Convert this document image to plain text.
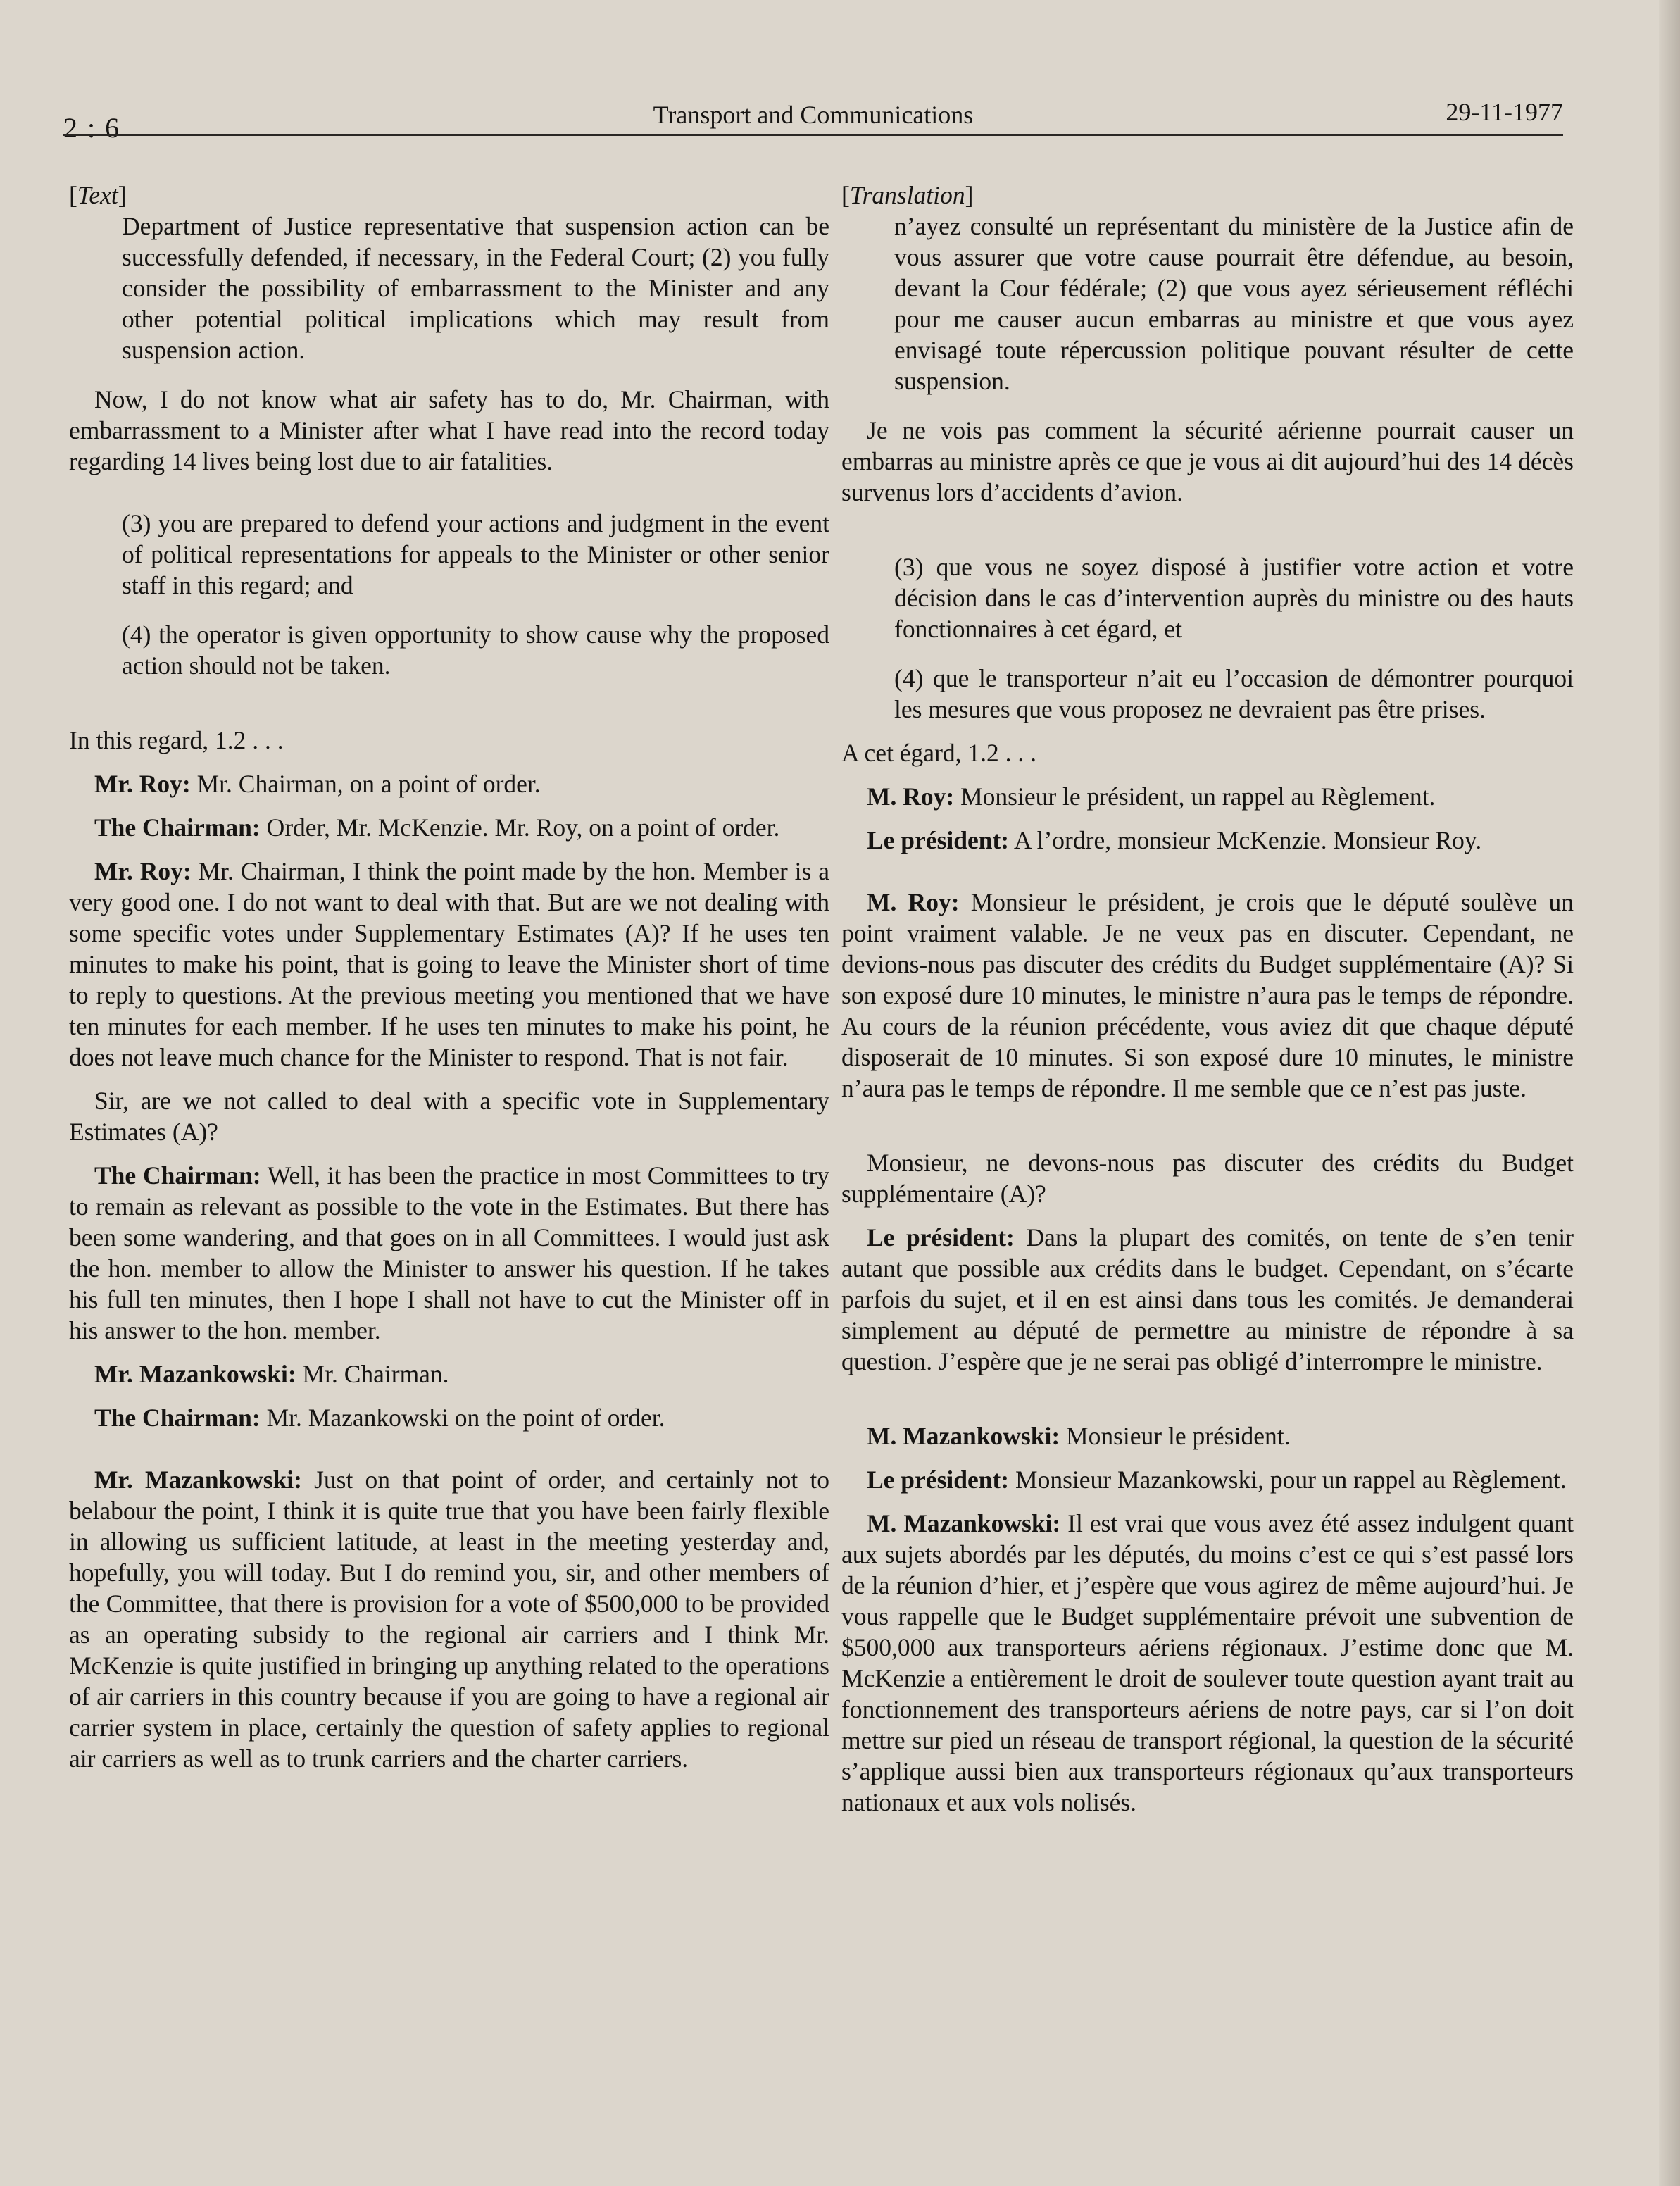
2 : 6	Transport and Communications	29-11-1977

[Text]

Department of Justice representative that suspension action can be successfully defended, if necessary, in the Federal Court; (2) you fully consider the possibility of embarrassment to the Minister and any other potential political implications which may result from suspension action.

Now, I do not know what air safety has to do, Mr. Chairman, with embarrassment to a Minister after what I have read into the record today regarding 14 lives being lost due to air fatalities.

(3) you are prepared to defend your actions and judgment in the event of political representations for appeals to the Minister or other senior staff in this regard; and

(4) the operator is given opportunity to show cause why the proposed action should not be taken.

In this regard, 1.2 . . .

Mr. Roy: Mr. Chairman, on a point of order.

The Chairman: Order, Mr. McKenzie. Mr. Roy, on a point of order.

Mr. Roy: Mr. Chairman, I think the point made by the hon. Member is a very good one. I do not want to deal with that. But are we not dealing with some specific votes under Supplementary Estimates (A)? If he uses ten minutes to make his point, that is going to leave the Minister short of time to reply to questions. At the previous meeting you mentioned that we have ten minutes for each member. If he uses ten minutes to make his point, he does not leave much chance for the Minister to respond. That is not fair.

Sir, are we not called to deal with a specific vote in Supplementary Estimates (A)?

The Chairman: Well, it has been the practice in most Committees to try to remain as relevant as possible to the vote in the Estimates. But there has been some wandering, and that goes on in all Committees. I would just ask the hon. member to allow the Minister to answer his question. If he takes his full ten minutes, then I hope I shall not have to cut the Minister off in his answer to the hon. member.

Mr. Mazankowski: Mr. Chairman.

The Chairman: Mr. Mazankowski on the point of order.

Mr. Mazankowski: Just on that point of order, and certainly not to belabour the point, I think it is quite true that you have been fairly flexible in allowing us sufficient latitude, at least in the meeting yesterday and, hopefully, you will today. But I do remind you, sir, and other members of the Committee, that there is provision for a vote of $500,000 to be provided as an operating subsidy to the regional air carriers and I think Mr. McKenzie is quite justified in bringing up anything related to the operations of air carriers in this country because if you are going to have a regional air carrier system in place, certainly the question of safety applies to regional air carriers as well as to trunk carriers and the charter carriers.

[Translation]

n’ayez consulté un représentant du ministère de la Justice afin de vous assurer que votre cause pourrait être défendue, au besoin, devant la Cour fédérale; (2) que vous ayez sérieusement réfléchi pour me causer aucun embarras au ministre et que vous ayez envisagé toute répercussion politique pouvant résulter de cette suspension.

Je ne vois pas comment la sécurité aérienne pourrait causer un embarras au ministre après ce que je vous ai dit aujourd’hui des 14 décès survenus lors d’accidents d’avion.

(3) que vous ne soyez disposé à justifier votre action et votre décision dans le cas d’intervention auprès du ministre ou des hauts fonctionnaires à cet égard, et

(4) que le transporteur n’ait eu l’occasion de démontrer pourquoi les mesures que vous proposez ne devraient pas être prises.

A cet égard, 1.2 . . .

M. Roy: Monsieur le président, un rappel au Règlement.

Le président: A l’ordre, monsieur McKenzie. Monsieur Roy.

M. Roy: Monsieur le président, je crois que le député soulève un point vraiment valable. Je ne veux pas en discuter. Cependant, ne devions-nous pas discuter des crédits du Budget supplémentaire (A)? Si son exposé dure 10 minutes, le ministre n’aura pas le temps de répondre. Au cours de la réunion précédente, vous aviez dit que chaque député disposerait de 10 minutes. Si son exposé dure 10 minutes, le ministre n’aura pas le temps de répondre. Il me semble que ce n’est pas juste.

Monsieur, ne devons-nous pas discuter des crédits du Budget supplémentaire (A)?

Le président: Dans la plupart des comités, on tente de s’en tenir autant que possible aux crédits dans le budget. Cependant, on s’écarte parfois du sujet, et il en est ainsi dans tous les comités. Je demanderai simplement au député de permettre au ministre de répondre à sa question. J’espère que je ne serai pas obligé d’interrompre le ministre.

M. Mazankowski: Monsieur le président.

Le président: Monsieur Mazankowski, pour un rappel au Règlement.

M. Mazankowski: Il est vrai que vous avez été assez indulgent quant aux sujets abordés par les députés, du moins c’est ce qui s’est passé lors de la réunion d’hier, et j’espère que vous agirez de même aujourd’hui. Je vous rappelle que le Budget supplémentaire prévoit une subvention de $500,000 aux transporteurs aériens régionaux. J’estime donc que M. McKenzie a entièrement le droit de soulever toute question ayant trait au fonctionnement des transporteurs aériens de notre pays, car si l’on doit mettre sur pied un réseau de transport régional, la question de la sécurité s’applique aussi bien aux transporteurs régionaux qu’aux transporteurs nationaux et aux vols nolisés.
